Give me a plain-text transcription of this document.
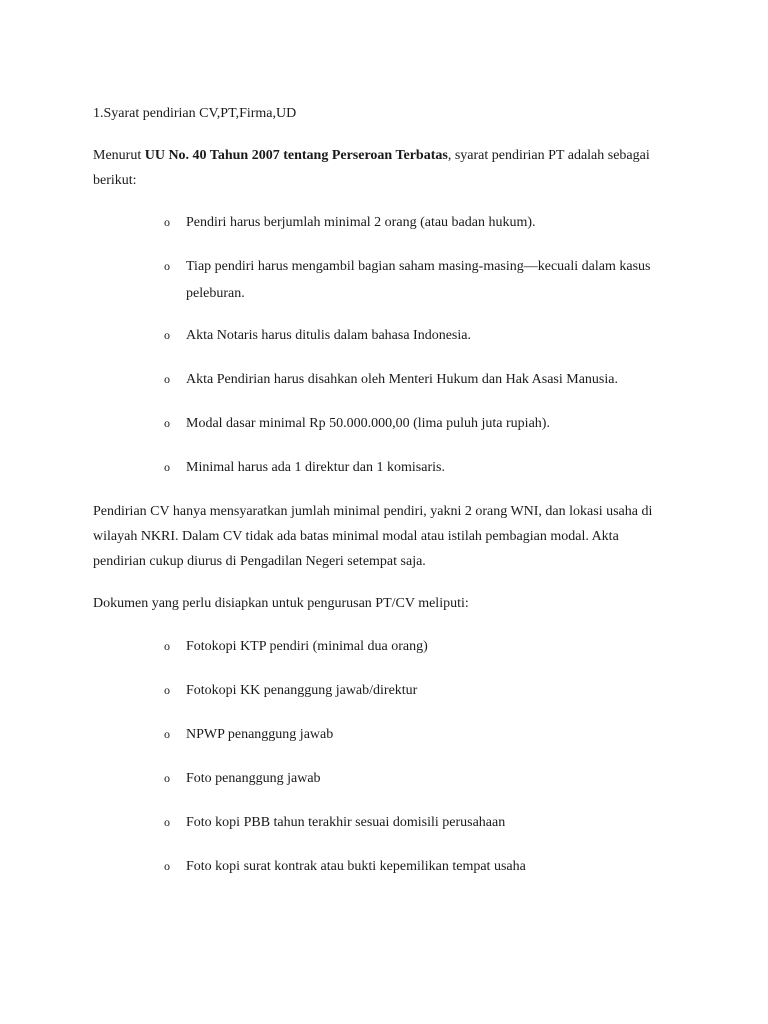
1.Syarat pendirian CV,PT,Firma,UD

Menurut UU No. 40 Tahun 2007 tentang Perseroan Terbatas, syarat pendirian PT adalah sebagai berikut:

o Pendiri harus berjumlah minimal 2 orang (atau badan hukum).
o Tiap pendiri harus mengambil bagian saham masing-masing—kecuali dalam kasus peleburan.
o Akta Notaris harus ditulis dalam bahasa Indonesia.
o Akta Pendirian harus disahkan oleh Menteri Hukum dan Hak Asasi Manusia.
o Modal dasar minimal Rp 50.000.000,00 (lima puluh juta rupiah).
o Minimal harus ada 1 direktur dan 1 komisaris.

Pendirian CV hanya mensyaratkan jumlah minimal pendiri, yakni 2 orang WNI, dan lokasi usaha di wilayah NKRI. Dalam CV tidak ada batas minimal modal atau istilah pembagian modal. Akta pendirian cukup diurus di Pengadilan Negeri setempat saja.

Dokumen yang perlu disiapkan untuk pengurusan PT/CV meliputi:

o Fotokopi KTP pendiri (minimal dua orang)
o Fotokopi KK penanggung jawab/direktur
o NPWP penanggung jawab
o Foto penanggung jawab
o Foto kopi PBB tahun terakhir sesuai domisili perusahaan
o Foto kopi surat kontrak atau bukti kepemilikan tempat usaha
